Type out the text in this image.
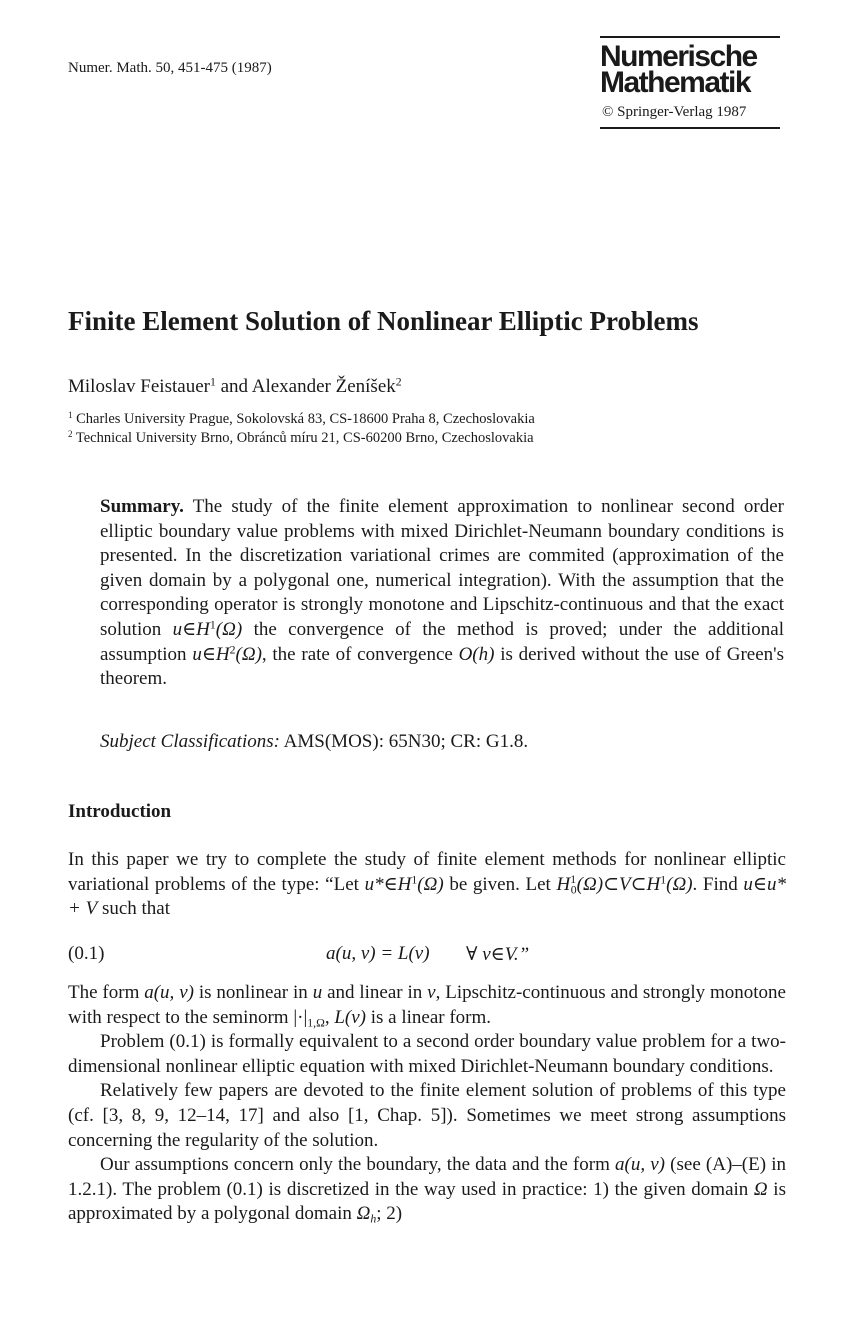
Numer. Math. 50, 451-475 (1987)	Numerische
Mathematik
© Springer-Verlag 1987
Finite Element Solution of Nonlinear Elliptic Problems
Miloslav Feistauer$^1$ and Alexander Ženíšek$^2$
$^1$ Charles University Prague, Sokolovská 83, CS-18600 Praha 8, Czechoslovakia
$^2$ Technical University Brno, Obránců míru 21, CS-60200 Brno, Czechoslovakia
Summary. The study of the finite element approximation to nonlinear second order elliptic boundary value problems with mixed Dirichlet-Neumann boundary conditions is presented. In the discretization variational crimes are commited (approximation of the given domain by a polygonal one, numerical integration). With the assumption that the corresponding operator is strongly monotone and Lipschitz-continuous and that the exact solution $u\in H^1(\Omega)$ the convergence of the method is proved; under the additional assumption $u\in H^2(\Omega)$, the rate of convergence O(h) is derived without the use of Green's theorem.
Subject Classifications: AMS(MOS): 65N30; CR: G1.8.
Introduction
In this paper we try to complete the study of finite element methods for nonlinear elliptic variational problems of the type: “Let $u*\in H^1(\Omega)$ be given. Let $H^1_0(\Omega)\subset V\subset H^1(\Omega)$. Find u∈u* + V such that
(0.1)	a(u, v) = L(v) ∀ v∈V.”
The form a(u, v) is nonlinear in u and linear in v, Lipschitz-continuous and strongly monotone with respect to the seminorm $|\cdot|_{1,\Omega}$, L(v) is a linear form.
Problem (0.1) is formally equivalent to a second order boundary value problem for a two-dimensional nonlinear elliptic equation with mixed Dirichlet-Neumann boundary conditions.
Relatively few papers are devoted to the finite element solution of problems of this type (cf. [3, 8, 9, 12–14, 17] and also [1, Chap. 5]). Sometimes we meet strong assumptions concerning the regularity of the solution.
Our assumptions concern only the boundary, the data and the form a(u, v) (see (A)–(E) in 1.2.1). The problem (0.1) is discretized in the way used in practice: 1) the given domain Ω is approximated by a polygonal domain $\Omega_h$; 2)
